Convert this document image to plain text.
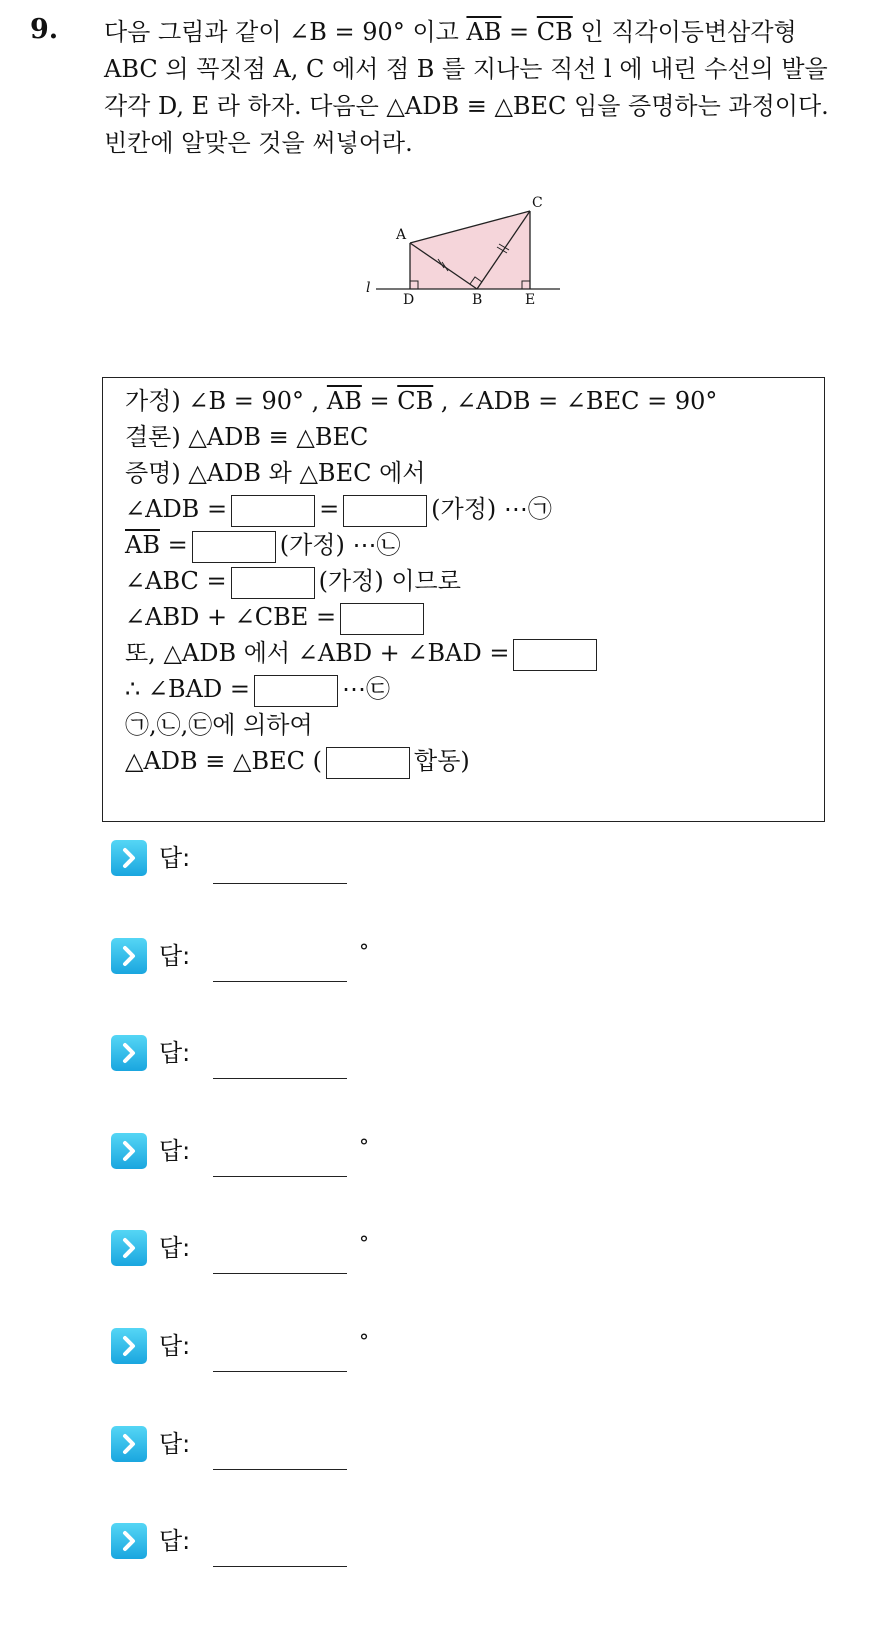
9. 다음 그림과 같이 ∠B = 90° 이고 $\overline{AB} = \overline{CB}$ 인 직각이등변삼각형
ABC 의 꼭짓점 A, C 에서 점 B 를 지나는 직선 l 에 내린 수선의 발을
각각 D, E 라 하자. 다음은 △ADB ≡ △BEC 임을 증명하는 과정이다.
빈칸에 알맞은 것을 써넣어라.
A
C
D	B	E
l
가정) ∠B = 90° , $\overline{AB} = \overline{CB}$ , ∠ADB = ∠BEC = 90°
결론) △ADB ≡ △BEC
증명) △ADB 와 △BEC 에서
∠ADB =	=	(가정) ⋯㉠
$\overline{AB}$ =	(가정) ⋯㉡
∠ABC =	(가정) 이므로
∠ABD + ∠CBE =
또, △ADB 에서 ∠ABD + ∠BAD =
∴ ∠BAD =	⋯㉢
㉠,㉡,㉢에 의하여
△ADB ≡ △BEC (	합동)
답:
답:	°
답:
답:	°
답:	°
답:	°
답:
답:
